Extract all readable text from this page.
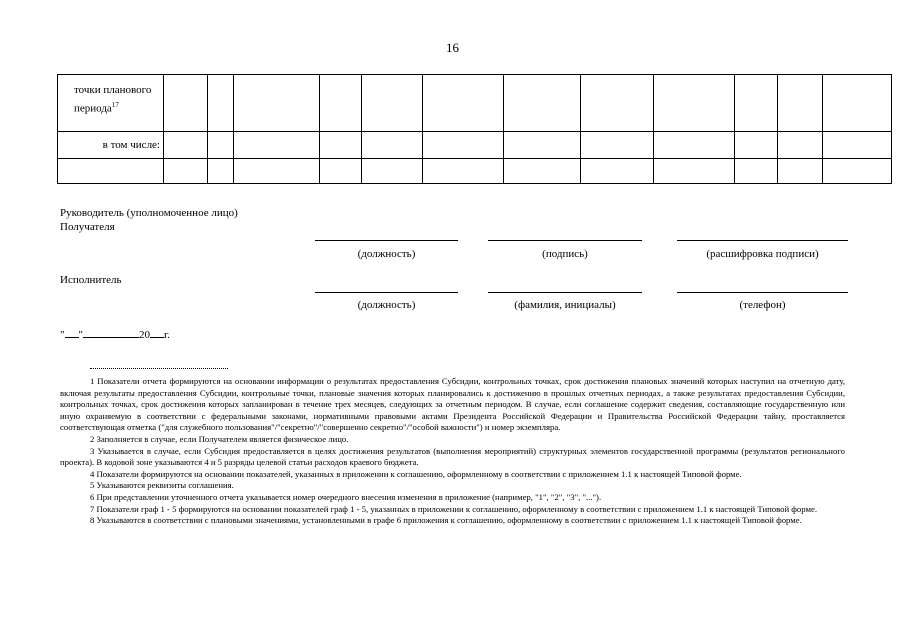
16
точки планового периода$^{17}$												
в том числе:												

Руководитель (уполномоченное лицо)
Получателя
(должность)	(подпись)	(расшифровка подписи)
Исполнитель
(должность)	(фамилия, инициалы)	(телефон)
" "	20 г.

1 Показатели отчета формируются на основании информации о результатах предоставления Субсидии, контрольных точках, срок достижения плановых значений которых наступил на отчетную дату, включая результаты предоставления Субсидии, контрольные точки, плановые значения которых планировались к достижению в прошлых отчетных периодах, а также результатах предоставления Субсидии, контрольных точках, срок достижения которых запланирован в течение трех месяцев, следующих за отчетным периодом. В случае, если соглашение содержит сведения, составляющие государственную или иную охраняемую в соответствии с федеральными законами, нормативными правовыми актами Президента Российской Федерации и Правительства Российской Федерации тайну, проставляется соответствующая отметка ("для служебного пользования"/"секретно"/"совершенно секретно"/"особой важности") и номер экземпляра.

2 Заполняется в случае, если Получателем является физическое лицо.

3 Указывается в случае, если Субсидия предоставляется в целях достижения результатов (выполнения мероприятий) структурных элементов государственной программы (результатов регионального проекта). В кодовой зоне указываются 4 и 5 разряды целевой статьи расходов краевого бюджета.

4 Показатели формируются на основании показателей, указанных в приложении к соглашению, оформленному в соответствии с приложением 1.1 к настоящей Типовой форме.

5 Указываются реквизиты соглашения.

6 При представлении уточненного отчета указывается номер очередного внесения изменения в приложение (например, "1", "2", "3", "...").

7 Показатели граф 1 - 5 формируются на основании показателей граф 1 - 5, указанных в приложении к соглашению, оформленному в соответствии с приложением 1.1 к настоящей Типовой форме.

8 Указываются в соответствии с плановыми значениями, установленными в графе 6 приложения к соглашению, оформленному в соответствии с приложением 1.1 к настоящей Типовой форме.
